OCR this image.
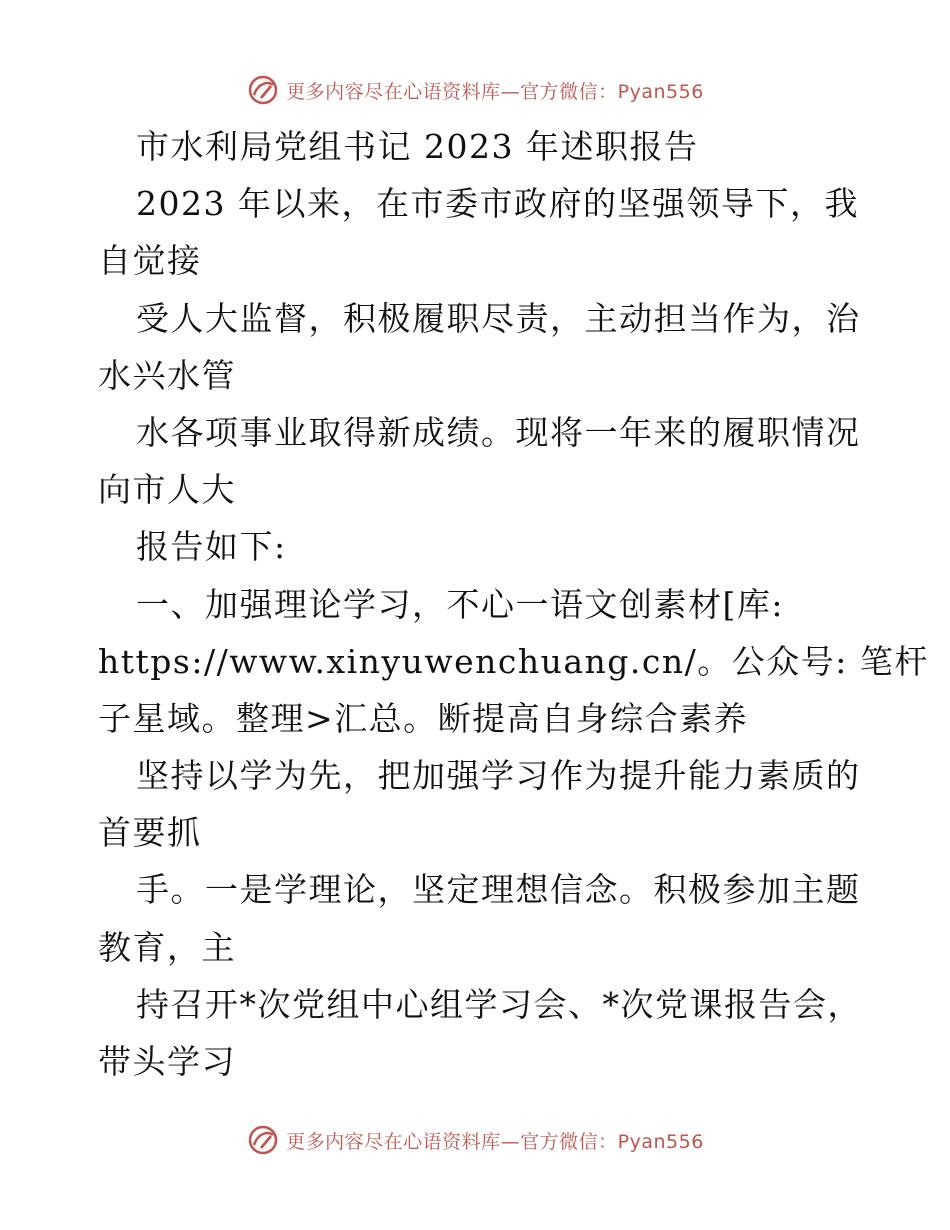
更多内容尽在心语资料库—官方微信：Pyan556
市水利局党组书记 2023 年述职报告
2023 年以来，在市委市政府的坚强领导下，我
自觉接
受人大监督，积极履职尽责，主动担当作为，治
水兴水管
水各项事业取得新成绩。现将一年来的履职情况
向市人大
报告如下:
一、加强理论学习，不心一语文创素材[库:
https://www.xinyuwenchuang.cn/。公众号: 笔杆
子星域。整理>汇总。断提高自身综合素养
坚持以学为先，把加强学习作为提升能力素质的
首要抓
手。一是学理论，坚定理想信念。积极参加主题
教育，主
持召开*次党组中心组学习会、*次党课报告会，
带头学习
更多内容尽在心语资料库—官方微信：Pyan556
